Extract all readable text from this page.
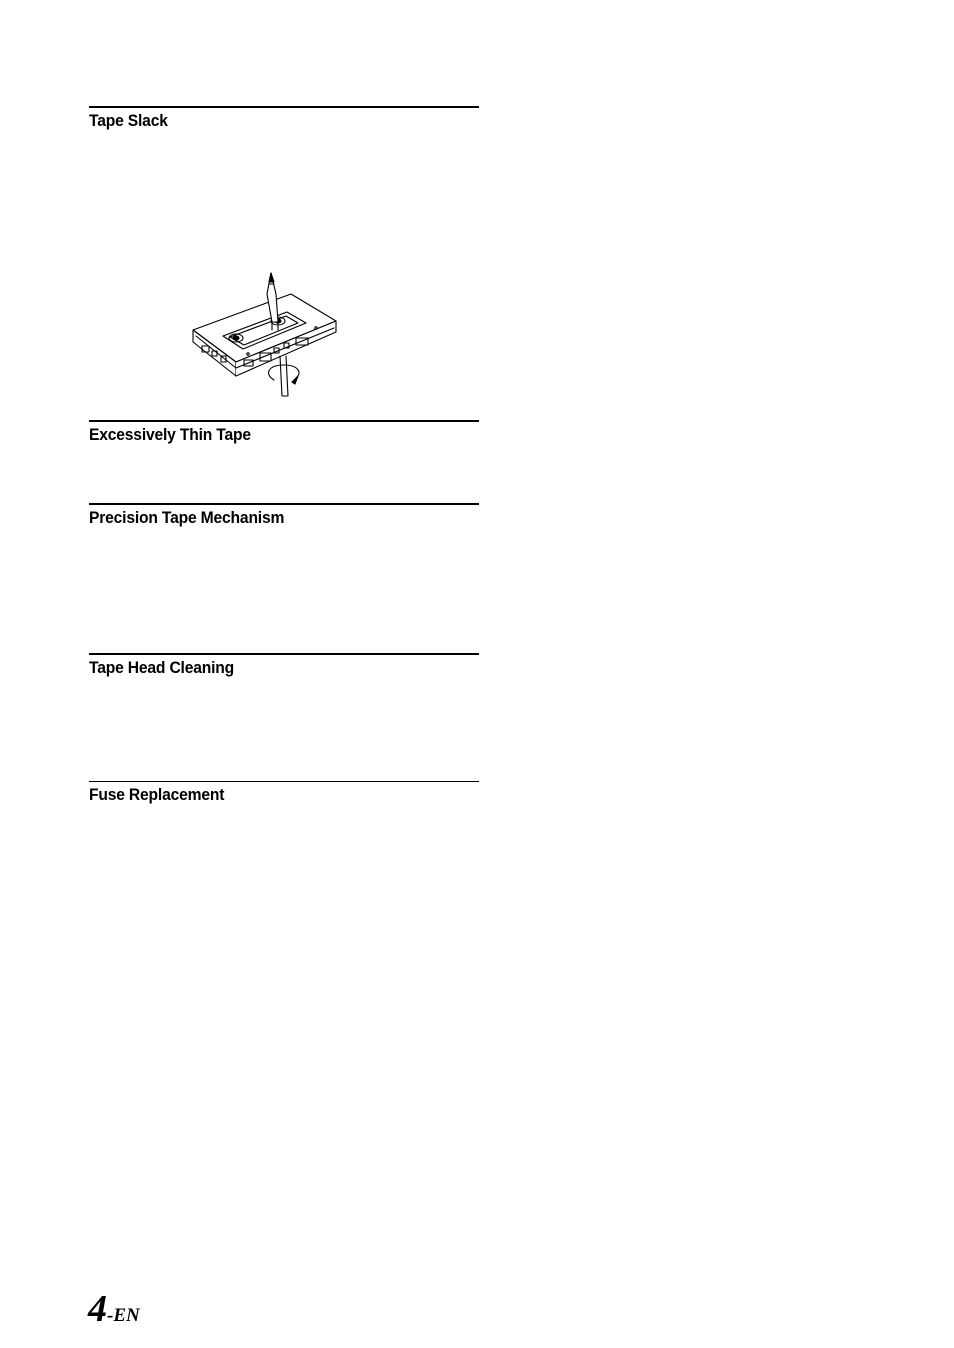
Tape Slack
Excessively Thin Tape
Precision Tape Mechanism
Tape Head Cleaning
Fuse Replacement
4-EN
